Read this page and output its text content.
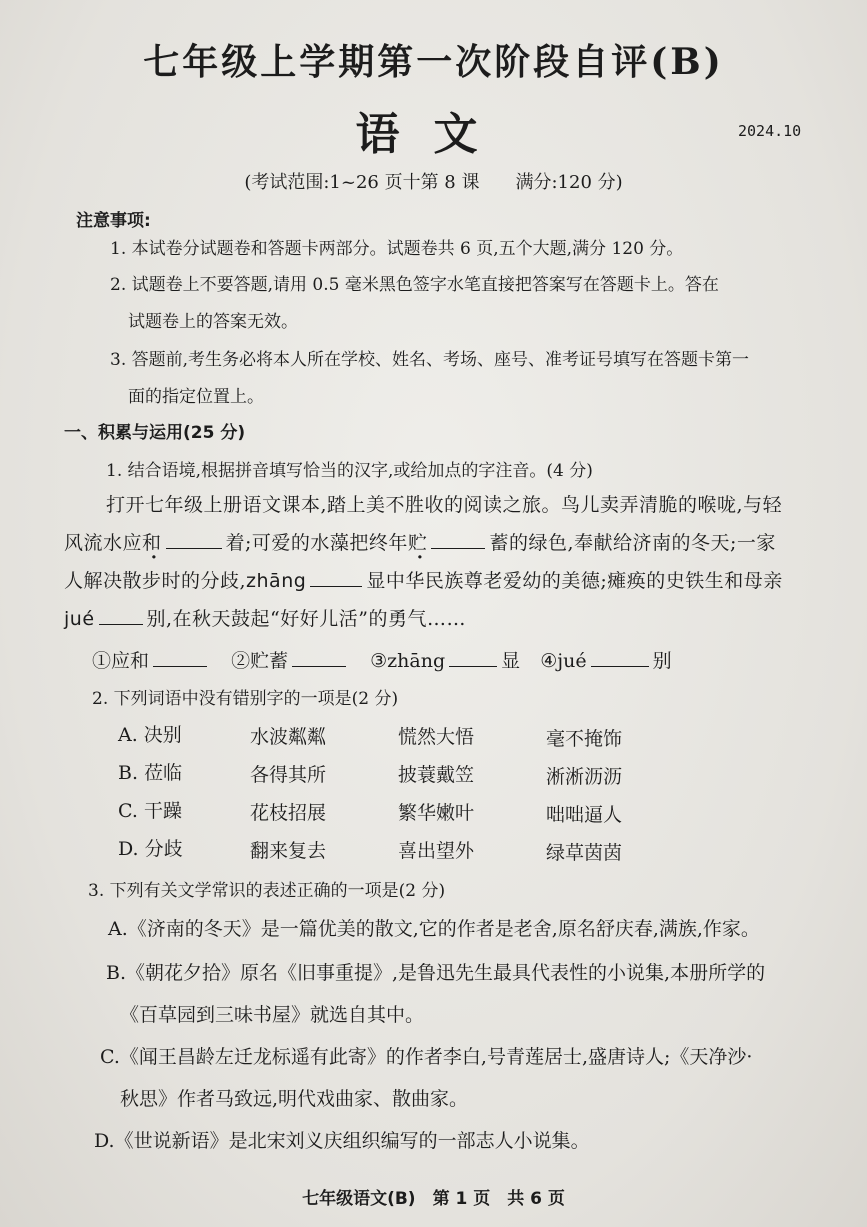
七年级上学期第一次阶段自评(B)
语文	2024.10
(考试范围:1~26 页十第 8 课　　满分:120 分)
注意事项:
1. 本试卷分试题卷和答题卡两部分。试题卷共 6 页,五个大题,满分 120 分。
2. 试题卷上不要答题,请用 0.5 毫米黑色签字水笔直接把答案写在答题卡上。答在
试题卷上的答案无效。
3. 答题前,考生务必将本人所在学校、姓名、考场、座号、准考证号填写在答题卡第一
面的指定位置上。
一、积累与运用(25 分)
1. 结合语境,根据拼音填写恰当的汉字,或给加点的字注音。(4 分)
打开七年级上册语文课本,踏上美不胜收的阅读之旅。鸟儿卖弄清脆的喉咙,与轻
风流水应和	着;可爱的水藻把终年贮	蓄的绿色,奉献给济南的冬天;一家
人解决散步时的分歧,zhāng	显中华民族尊老爱幼的美德;瘫痪的史铁生和母亲
jué	别,在秋天鼓起“好好儿活”的勇气……
①应和	②贮蓄	③zhāng	显 ④jué	别
2. 下列词语中没有错别字的一项是(2 分)
A. 决别	水波粼粼	慌然大悟	毫不掩饰
B. 莅临	各得其所	披蓑戴笠	淅淅沥沥
C. 干躁	花枝招展	繁华嫩叶	咄咄逼人
D. 分歧	翻来复去	喜出望外	绿草茵茵
3. 下列有关文学常识的表述正确的一项是(2 分)
A.《济南的冬天》是一篇优美的散文,它的作者是老舍,原名舒庆春,满族,作家。
B.《朝花夕拾》原名《旧事重提》,是鲁迅先生最具代表性的小说集,本册所学的
《百草园到三味书屋》就选自其中。
C.《闻王昌龄左迁龙标遥有此寄》的作者李白,号青莲居士,盛唐诗人;《天净沙·
秋思》作者马致远,明代戏曲家、散曲家。
D.《世说新语》是北宋刘义庆组织编写的一部志人小说集。
七年级语文(B)　第 1 页　共 6 页
